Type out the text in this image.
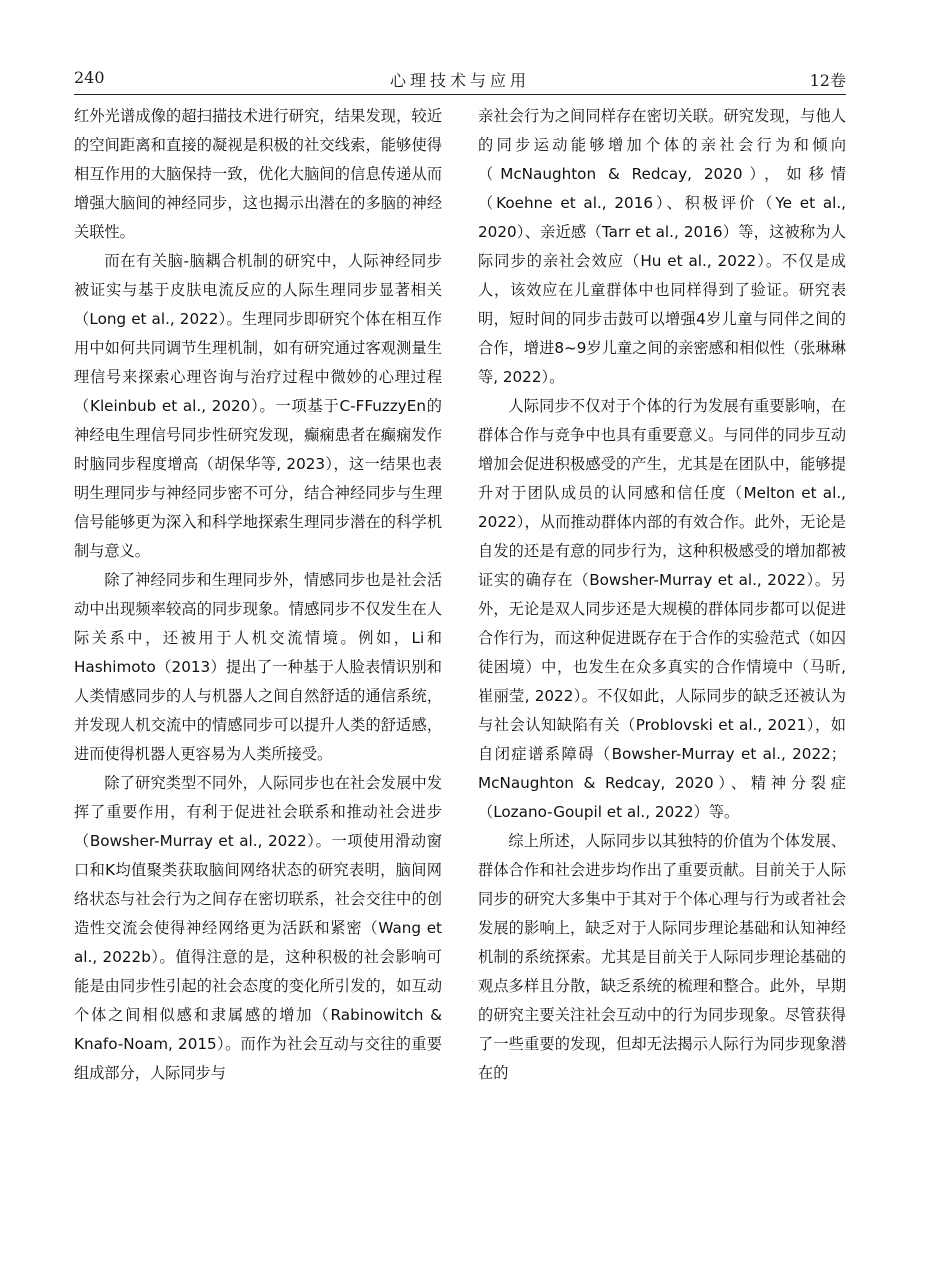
240	心理技术与应用	12卷

红外光谱成像的超扫描技术进行研究，结果发现，较近的空间距离和直接的凝视是积极的社交线索，能够使得相互作用的大脑保持一致，优化大脑间的信息传递从而增强大脑间的神经同步，这也揭示出潜在的多脑的神经关联性。

而在有关脑-脑耦合机制的研究中，人际神经同步被证实与基于皮肤电流反应的人际生理同步显著相关（Long et al., 2022）。生理同步即研究个体在相互作用中如何共同调节生理机制，如有研究通过客观测量生理信号来探索心理咨询与治疗过程中微妙的心理过程（Kleinbub et al., 2020）。一项基于C-FFuzzyEn的神经电生理信号同步性研究发现，癫痫患者在癫痫发作时脑同步程度增高（胡保华等, 2023），这一结果也表明生理同步与神经同步密不可分，结合神经同步与生理信号能够更为深入和科学地探索生理同步潜在的科学机制与意义。

除了神经同步和生理同步外，情感同步也是社会活动中出现频率较高的同步现象。情感同步不仅发生在人际关系中，还被用于人机交流情境。例如，Li和Hashimoto（2013）提出了一种基于人脸表情识别和人类情感同步的人与机器人之间自然舒适的通信系统，并发现人机交流中的情感同步可以提升人类的舒适感，进而使得机器人更容易为人类所接受。

除了研究类型不同外，人际同步也在社会发展中发挥了重要作用，有利于促进社会联系和推动社会进步（Bowsher-Murray et al., 2022）。一项使用滑动窗口和K均值聚类获取脑间网络状态的研究表明，脑间网络状态与社会行为之间存在密切联系，社会交往中的创造性交流会使得神经网络更为活跃和紧密（Wang et al., 2022b）。值得注意的是，这种积极的社会影响可能是由同步性引起的社会态度的变化所引发的，如互动个体之间相似感和隶属感的增加（Rabinowitch & Knafo-Noam, 2015）。而作为社会互动与交往的重要组成部分，人际同步与

亲社会行为之间同样存在密切关联。研究发现，与他人的同步运动能够增加个体的亲社会行为和倾向（McNaughton & Redcay, 2020），如移情（Koehne et al., 2016）、积极评价（Ye et al., 2020）、亲近感（Tarr et al., 2016）等，这被称为人际同步的亲社会效应（Hu et al., 2022）。不仅是成人，该效应在儿童群体中也同样得到了验证。研究表明，短时间的同步击鼓可以增强4岁儿童与同伴之间的合作，增进8~9岁儿童之间的亲密感和相似性（张琳琳等, 2022）。

人际同步不仅对于个体的行为发展有重要影响，在群体合作与竞争中也具有重要意义。与同伴的同步互动增加会促进积极感受的产生，尤其是在团队中，能够提升对于团队成员的认同感和信任度（Melton et al., 2022），从而推动群体内部的有效合作。此外，无论是自发的还是有意的同步行为，这种积极感受的增加都被证实的确存在（Bowsher-Murray et al., 2022）。另外，无论是双人同步还是大规模的群体同步都可以促进合作行为，而这种促进既存在于合作的实验范式（如囚徒困境）中，也发生在众多真实的合作情境中（马昕, 崔丽莹, 2022）。不仅如此，人际同步的缺乏还被认为与社会认知缺陷有关（Problovski et al., 2021），如自闭症谱系障碍（Bowsher-Murray et al., 2022；McNaughton & Redcay, 2020）、精神分裂症（Lozano-Goupil et al., 2022）等。

综上所述，人际同步以其独特的价值为个体发展、群体合作和社会进步均作出了重要贡献。目前关于人际同步的研究大多集中于其对于个体心理与行为或者社会发展的影响上，缺乏对于人际同步理论基础和认知神经机制的系统探索。尤其是目前关于人际同步理论基础的观点多样且分散，缺乏系统的梳理和整合。此外，早期的研究主要关注社会互动中的行为同步现象。尽管获得了一些重要的发现，但却无法揭示人际行为同步现象潜在的
